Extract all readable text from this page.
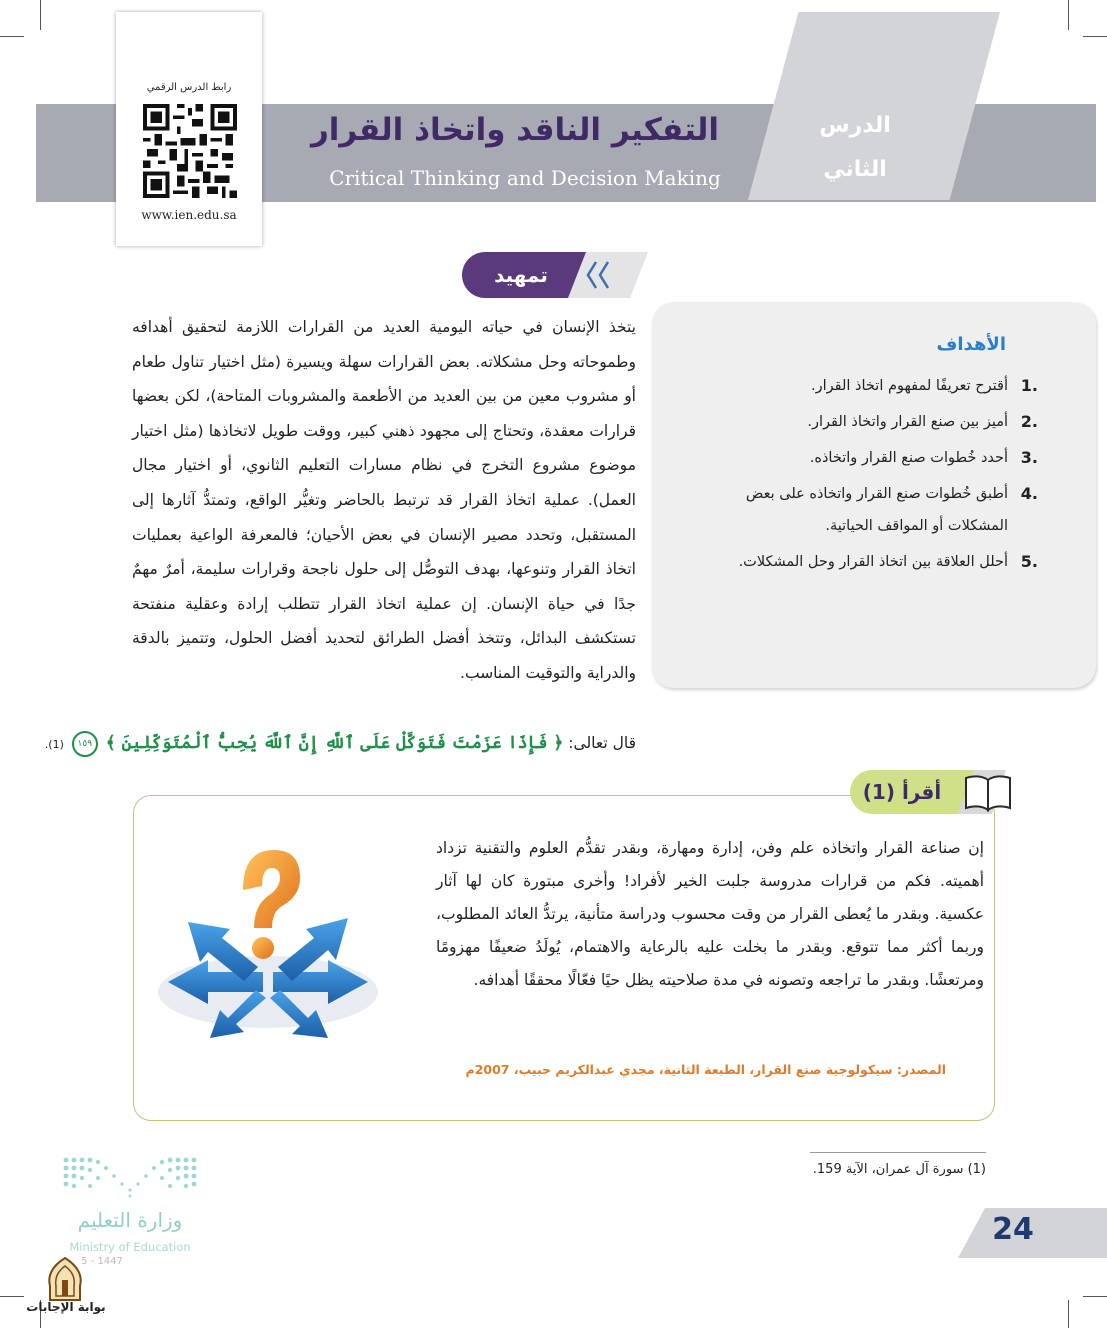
الدرس
الثاني
التفكير الناقد واتخاذ القرار
Critical Thinking and Decision Making
رابط الدرس الرقمي
www.ien.edu.sa
تمهيد
يتخذ الإنسان في حياته اليومية العديد من القرارات اللازمة لتحقيق أهدافه وطموحاته وحل مشكلاته. بعض القرارات سهلة ويسيرة (مثل اختيار تناول طعام أو مشروب معين من بين العديد من الأطعمة والمشروبات المتاحة)، لكن بعضها قرارات معقدة، وتحتاج إلى مجهود ذهني كبير، ووقت طويل لاتخاذها (مثل اختيار موضوع مشروع التخرج في نظام مسارات التعليم الثانوي، أو اختيار مجال العمل). عملية اتخاذ القرار قد ترتبط بالحاضر وتغيُّر الواقع، وتمتدُّ آثارها إلى المستقبل، وتحدد مصير الإنسان في بعض الأحيان؛ فالمعرفة الواعية بعمليات اتخاذ القرار وتنوعها، بهدف التوصُّل إلى حلول ناجحة وقرارات سليمة، أمرٌ مهمٌ جدًا في حياة الإنسان. إن عملية اتخاذ القرار تتطلب إرادة وعقلية منفتحة تستكشف البدائل، وتتخذ أفضل الطرائق لتحديد أفضل الحلول، وتتميز بالدقة والدراية والتوقيت المناسب.
قال تعالى: ﴿ فَإِذَا عَزَمْتَ فَتَوَكَّلْ عَلَى ٱللَّهِ إِنَّ ٱللَّهَ يُحِبُّ ٱلْمُتَوَكِّلِينَ ﴾ ١٥٩ (1).
الأهداف
1.
أقترح تعريفًا لمفهوم اتخاذ القرار.
2.
أميز بين صنع القرار واتخاذ القرار.
3.
أحدد خُطوات صنع القرار واتخاذه.
4.
أطبق خُطوات صنع القرار واتخاذه على بعض المشكلات أو المواقف الحياتية.
5.
أحلل العلاقة بين اتخاذ القرار وحل المشكلات.
أقرأ (1)
إن صناعة القرار واتخاذه علم وفن، إدارة ومهارة، وبقدر تقدُّم العلوم والتقنية تزداد أهميته. فكم من قرارات مدروسة جلبت الخير لأفراد! وأخرى مبتورة كان لها آثار عكسية. وبقدر ما يُعطى القرار من وقت محسوب ودراسة متأنية، يرتدُّ العائد المطلوب، وربما أكثر مما تتوقع. وبقدر ما بخلت عليه بالرعاية والاهتمام، يُولَدُ ضعيفًا مهزومًا ومرتعشًا. وبقدر ما تراجعه وتصونه في مدة صلاحيته يظل حيًا فعّالًا محققًا أهدافه.
المصدر: سيكولوجية صنع القرار، الطبعة الثانية، مجدي عبدالكريم حبيب، 2007م
(1) سورة آل عمران، الآية 159.
24
وزارة التعليم
Ministry of Education
5 - 1447
بوابة الإجابات
